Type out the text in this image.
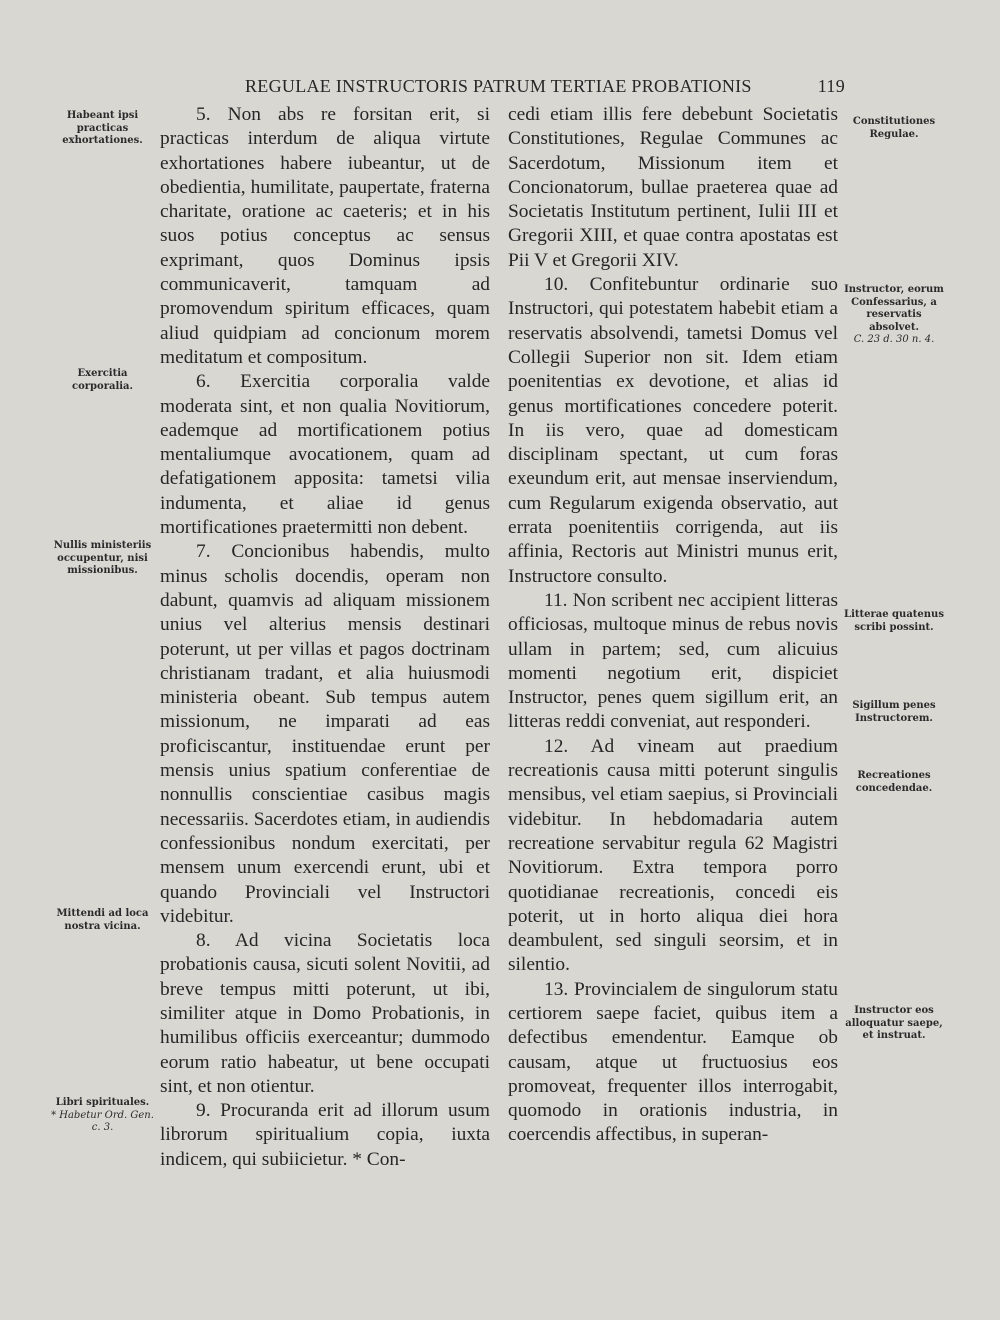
REGULAE INSTRUCTORIS PATRUM TERTIAE PROBATIONIS	119

5. Non abs re forsitan erit, si practicas interdum de aliqua virtute exhortationes habere iubeantur, ut de obedientia, humilitate, paupertate, fraterna charitate, oratione ac caeteris; et in his suos potius conceptus ac sensus exprimant, quos Dominus ipsis communicaverit, tamquam ad promovendum spiritum efficaces, quam aliud quidpiam ad concionum morem meditatum et compositum.

6. Exercitia corporalia valde moderata sint, et non qualia Novitiorum, eademque ad mortificationem potius mentaliumque avocationem, quam ad defatigationem apposita: tametsi vilia indumenta, et aliae id genus mortificationes praetermitti non debent.

7. Concionibus habendis, multo minus scholis docendis, operam non dabunt, quamvis ad aliquam missionem unius vel alterius mensis destinari poterunt, ut per villas et pagos doctrinam christianam tradant, et alia huiusmodi ministeria obeant. Sub tempus autem missionum, ne imparati ad eas proficiscantur, instituendae erunt per mensis unius spatium conferentiae de nonnullis conscientiae casibus magis necessariis. Sacerdotes etiam, in audiendis confessionibus nondum exercitati, per mensem unum exercendi erunt, ubi et quando Provinciali vel Instructori videbitur.

8. Ad vicina Societatis loca probationis causa, sicuti solent Novitii, ad breve tempus mitti poterunt, ut ibi, similiter atque in Domo Probationis, in humilibus officiis exerceantur; dummodo eorum ratio habeatur, ut bene occupati sint, et non otientur.

9. Procuranda erit ad illorum usum librorum spiritualium copia, iuxta indicem, qui subiicietur. * Con-

cedi etiam illis fere debebunt Societatis Constitutiones, Regulae Communes ac Sacerdotum, Missionum item et Concionatorum, bullae praeterea quae ad Societatis Institutum pertinent, Iulii III et Gregorii XIII, et quae contra apostatas est Pii V et Gregorii XIV.

10. Confitebuntur ordinarie suo Instructori, qui potestatem habebit etiam a reservatis absolvendi, tametsi Domus vel Collegii Superior non sit. Idem etiam poenitentias ex devotione, et alias id genus mortificationes concedere poterit. In iis vero, quae ad domesticam disciplinam spectant, ut cum foras exeundum erit, aut mensae inserviendum, cum Regularum exigenda observatio, aut errata poenitentiis corrigenda, aut iis affinia, Rectoris aut Ministri munus erit, Instructore consulto.

11. Non scribent nec accipient litteras officiosas, multoque minus de rebus novis ullam in partem; sed, cum alicuius momenti negotium erit, dispiciet Instructor, penes quem sigillum erit, an litteras reddi conveniat, aut responderi.

12. Ad vineam aut praedium recreationis causa mitti poterunt singulis mensibus, vel etiam saepius, si Provinciali videbitur. In hebdomadaria autem recreatione servabitur regula 62 Magistri Novitiorum. Extra tempora porro quotidianae recreationis, concedi eis poterit, ut in horto aliqua diei hora deambulent, sed singuli seorsim, et in silentio.

13. Provincialem de singulorum statu certiorem saepe faciet, quibus item a defectibus emendentur. Eamque ob causam, atque ut fructuosius eos promoveat, frequenter illos interrogabit, quomodo in orationis industria, in coercendis affectibus, in superan-

Habeant ipsi practicas exhortationes.
Exercitia corporalia.
Nullis ministeriis occupentur, nisi missionibus.
Mittendi ad loca nostra vicina.
Libri spirituales.
* Habetur Ord. Gen. c. 3.
Constitutiones Regulae.
Instructor, eorum Confessarius, a reservatis absolvet.
C. 23 d. 30 n. 4.
Litterae quatenus scribi possint.
Sigillum penes Instructorem.
Recreationes concedendae.
Instructor eos alloquatur saepe, et instruat.
